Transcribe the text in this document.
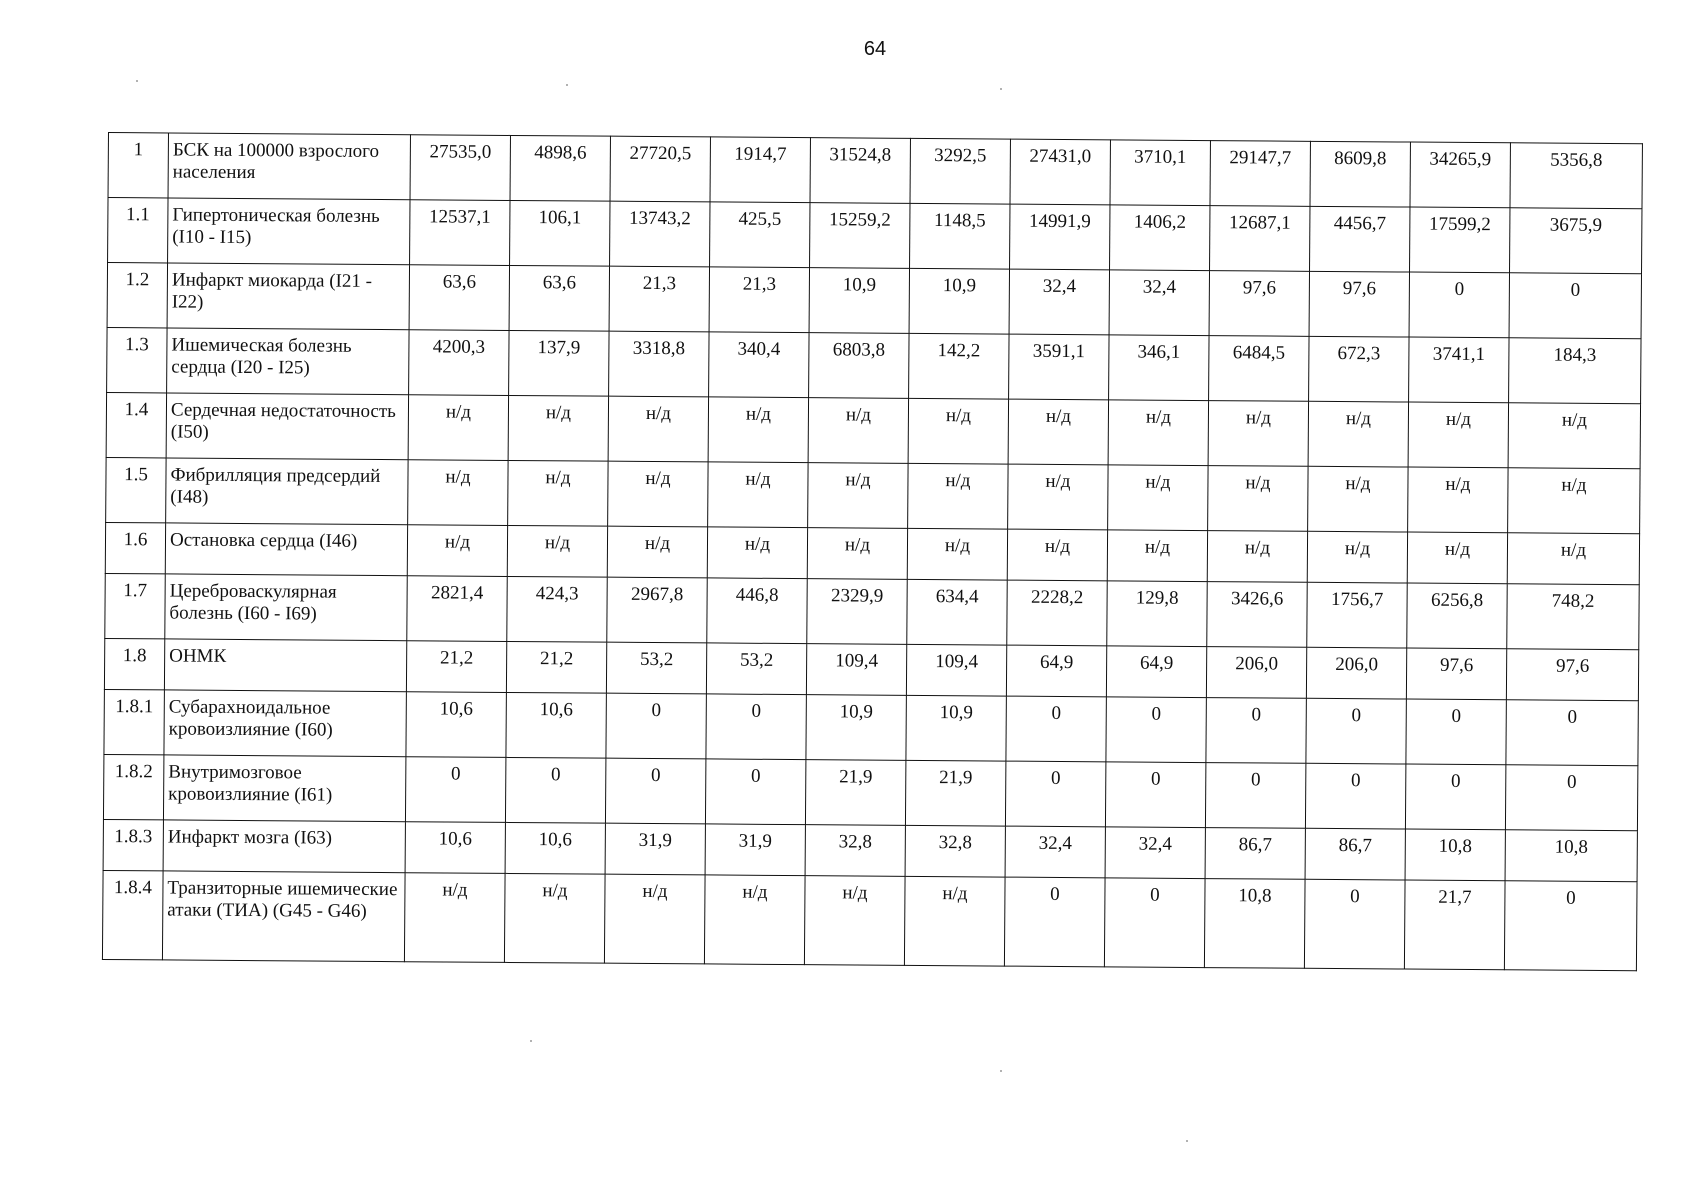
64
1	БСК на 100000 взрослого населения	27535,0	4898,6	27720,5	1914,7	31524,8	3292,5	27431,0	3710,1	29147,7	8609,8	34265,9	5356,8
1.1	Гипертоническая болезнь (I10 - I15)	12537,1	106,1	13743,2	425,5	15259,2	1148,5	14991,9	1406,2	12687,1	4456,7	17599,2	3675,9
1.2	Инфаркт миокарда (I21 - I22)	63,6	63,6	21,3	21,3	10,9	10,9	32,4	32,4	97,6	97,6	0	0
1.3	Ишемическая болезнь сердца (I20 - I25)	4200,3	137,9	3318,8	340,4	6803,8	142,2	3591,1	346,1	6484,5	672,3	3741,1	184,3
1.4	Сердечная недостаточность (I50)	н/д	н/д	н/д	н/д	н/д	н/д	н/д	н/д	н/д	н/д	н/д	н/д
1.5	Фибрилляция предсердий (I48)	н/д	н/д	н/д	н/д	н/д	н/д	н/д	н/д	н/д	н/д	н/д	н/д
1.6	Остановка сердца (I46)	н/д	н/д	н/д	н/д	н/д	н/д	н/д	н/д	н/д	н/д	н/д	н/д
1.7	Цереброваскулярная болезнь (I60 - I69)	2821,4	424,3	2967,8	446,8	2329,9	634,4	2228,2	129,8	3426,6	1756,7	6256,8	748,2
1.8	ОНМК	21,2	21,2	53,2	53,2	109,4	109,4	64,9	64,9	206,0	206,0	97,6	97,6
1.8.1	Субарахноидальное кровоизлияние (I60)	10,6	10,6	0	0	10,9	10,9	0	0	0	0	0	0
1.8.2	Внутримозговое кровоизлияние (I61)	0	0	0	0	21,9	21,9	0	0	0	0	0	0
1.8.3	Инфаркт мозга (I63)	10,6	10,6	31,9	31,9	32,8	32,8	32,4	32,4	86,7	86,7	10,8	10,8
1.8.4	Транзиторные ишемические атаки (ТИА) (G45 - G46)	н/д	н/д	н/д	н/д	н/д	н/д	0	0	10,8	0	21,7	0
